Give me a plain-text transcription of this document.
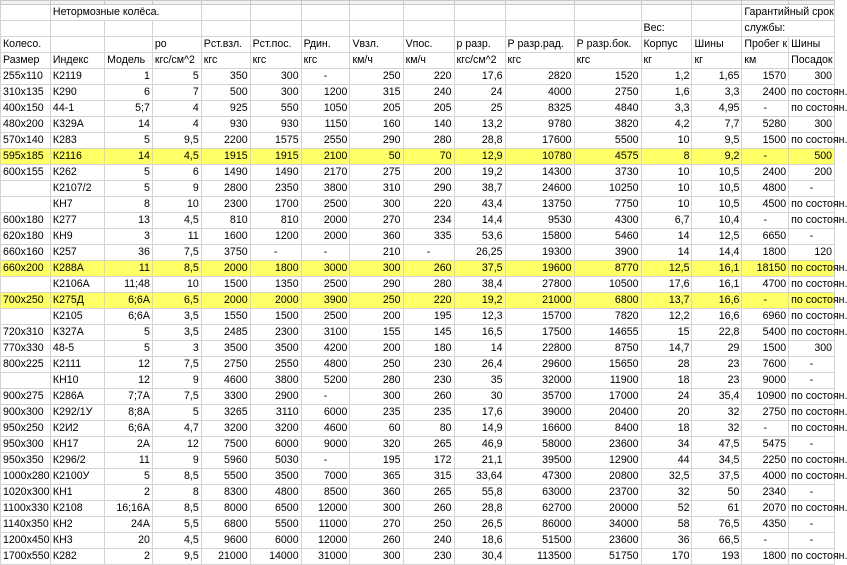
	Нетормозные колёса.													Гарантийный срок	
												Вес:		службы:	
Колесо.			ро	Рст.взл.	Рст.пос.	Рдин.	Vвзл.	Vпос.	р разр.	Р разр.рад.	Р разр.бок.	Корпус	Шины	Пробег к	Шины
Размер	Индекс	Модель	кгс/см^2	кгс	кгс	кгс	км/ч	км/ч	кгс/см^2	кгс	кгс	кг	кг	км	Посадок
255x110	К2119	1	5	350	300	-	250	220	17,6	2820	1520	1,2	1,65	1570	300
310x135	К290	6	7	500	300	1200	315	240	24	4000	2750	1,6	3,3	2400	по состоян.
400x150	44-1	5;7	4	925	550	1050	205	205	25	8325	4840	3,3	4,95	-	по состоян.
480x200	К329А	14	4	930	930	1150	160	140	13,2	9780	3820	4,2	7,7	5280	300
570x140	К283	5	9,5	2200	1575	2550	290	280	28,8	17600	5500	10	9,5	1500	по состоян.
595x185	К2116	14	4,5	1915	1915	2100	50	70	12,9	10780	4575	8	9,2	-	500
600x155	К262	5	6	1490	1490	2170	275	200	19,2	14300	3730	10	10,5	2400	200
	К2107/2	5	9	2800	2350	3800	310	290	38,7	24600	10250	10	10,5	4800	-
	КН7	8	10	2300	1700	2500	300	220	43,4	13750	7750	10	10,5	4500	по состоян.
600x180	К277	13	4,5	810	810	2000	270	234	14,4	9530	4300	6,7	10,4	-	по состоян.
620x180	КН9	3	11	1600	1200	2000	360	335	53,6	15800	5460	14	12,5	6650	-
660x160	К257	36	7,5	3750	-	-	210	-	26,25	19300	3900	14	14,4	1800	120
660x200	К288А	11	8,5	2000	1800	3000	300	260	37,5	19600	8770	12,5	16,1	18150	по состоян.
	К2106А	11;48	10	1500	1350	2500	290	280	38,4	27800	10500	17,6	16,1	4700	по состоян.
700x250	К275Д	6;6А	6,5	2000	2000	3900	250	220	19,2	21000	6800	13,7	16,6	-	по состоян.
	К2105	6;6А	3,5	1550	1500	2500	200	195	12,3	15700	7820	12,2	16,6	6960	по состоян.
720x310	К327А	5	3,5	2485	2300	3100	155	145	16,5	17500	14655	15	22,8	5400	по состоян.
770x330	48-5	5	3	3500	3500	4200	200	180	14	22800	8750	14,7	29	1500	300
800x225	К2111	12	7,5	2750	2550	4800	250	230	26,4	29600	15650	28	23	7600	-
	КН10	12	9	4600	3800	5200	280	230	35	32000	11900	18	23	9000	-
900x275	К286А	7;7А	7,5	3300	2900	-	300	260	30	35700	17000	24	35,4	10900	по состоян.
900x300	К292/1У	8;8А	5	3265	3110	6000	235	235	17,6	39000	20400	20	32	2750	по состоян.
950x250	К2И2	6;6А	4,7	3200	3200	4600	60	80	14,9	16600	8400	18	32	-	по состоян.
950x300	КН17	2А	12	7500	6000	9000	320	265	46,9	58000	23600	34	47,5	5475	-
950x350	К296/2	11	9	5960	5030	-	195	172	21,1	39500	12900	44	34,5	2250	по состоян.
1000x280	К2100У	5	8,5	5500	3500	7000	365	315	33,64	47300	20800	32,5	37,5	4000	по состоян.
1020x300	КН1	2	8	8300	4800	8500	360	265	55,8	63000	23700	32	50	2340	-
1100x330	К2108	16;16А	8,5	8000	6500	12000	300	260	28,8	62700	20000	52	61	2070	по состоян.
1140x350	КН2	24А	5,5	6800	5500	11000	270	250	26,5	86000	34000	58	76,5	4350	-
1200x450	КН3	20	4,5	9600	6000	12000	260	240	18,6	51500	23600	36	66,5	-	-
1700x550	К282	2	9,5	21000	14000	31000	300	230	30,4	113500	51750	170	193	1800	по состоян.
